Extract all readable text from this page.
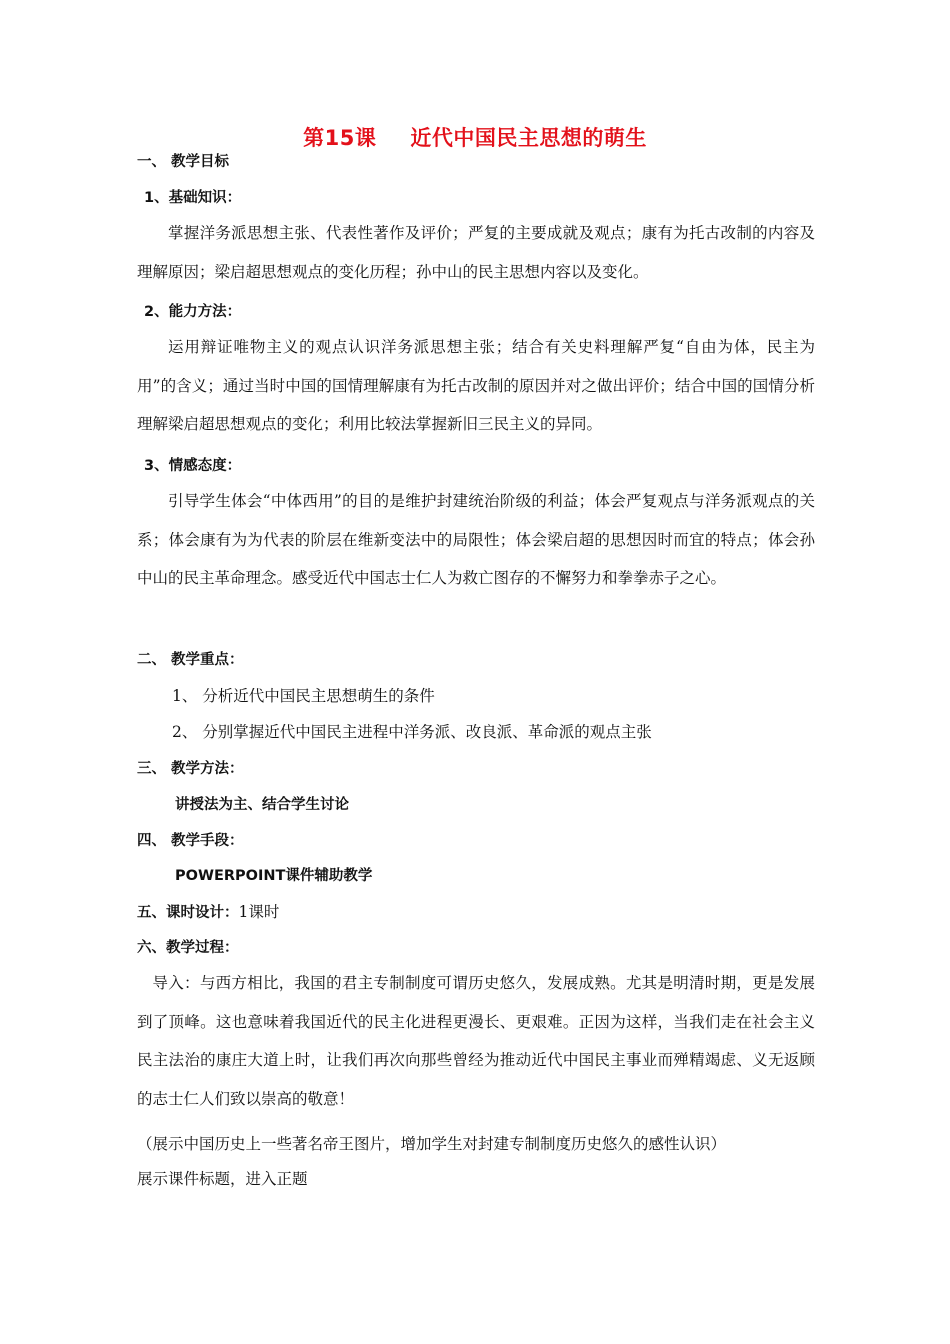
第15课 近代中国民主思想的萌生
一、 教学目标
1、基础知识：
掌握洋务派思想主张、代表性著作及评价；严复的主要成就及观点；康有为托古改制的内容及理解原因；梁启超思想观点的变化历程；孙中山的民主思想内容以及变化。
2、能力方法：
运用辩证唯物主义的观点认识洋务派思想主张；结合有关史料理解严复“自由为体，民主为用”的含义；通过当时中国的国情理解康有为托古改制的原因并对之做出评价；结合中国的国情分析理解梁启超思想观点的变化；利用比较法掌握新旧三民主义的异同。
3、情感态度：
引导学生体会“中体西用”的目的是维护封建统治阶级的利益；体会严复观点与洋务派观点的关系；体会康有为为代表的阶层在维新变法中的局限性；体会梁启超的思想因时而宜的特点；体会孙中山的民主革命理念。感受近代中国志士仁人为救亡图存的不懈努力和拳拳赤子之心。
二、 教学重点：
1、 分析近代中国民主思想萌生的条件
2、 分别掌握近代中国民主进程中洋务派、改良派、革命派的观点主张
三、 教学方法：
讲授法为主、结合学生讨论
四、 教学手段：
POWERPOINT课件辅助教学
五、课时设计：1课时
六、教学过程：
导入：与西方相比，我国的君主专制制度可谓历史悠久，发展成熟。尤其是明清时期，更是发展到了顶峰。这也意味着我国近代的民主化进程更漫长、更艰难。正因为这样，当我们走在社会主义民主法治的康庄大道上时，让我们再次向那些曾经为推动近代中国民主事业而殚精竭虑、义无返顾的志士仁人们致以崇高的敬意！
（展示中国历史上一些著名帝王图片，增加学生对封建专制制度历史悠久的感性认识）
展示课件标题，进入正题
